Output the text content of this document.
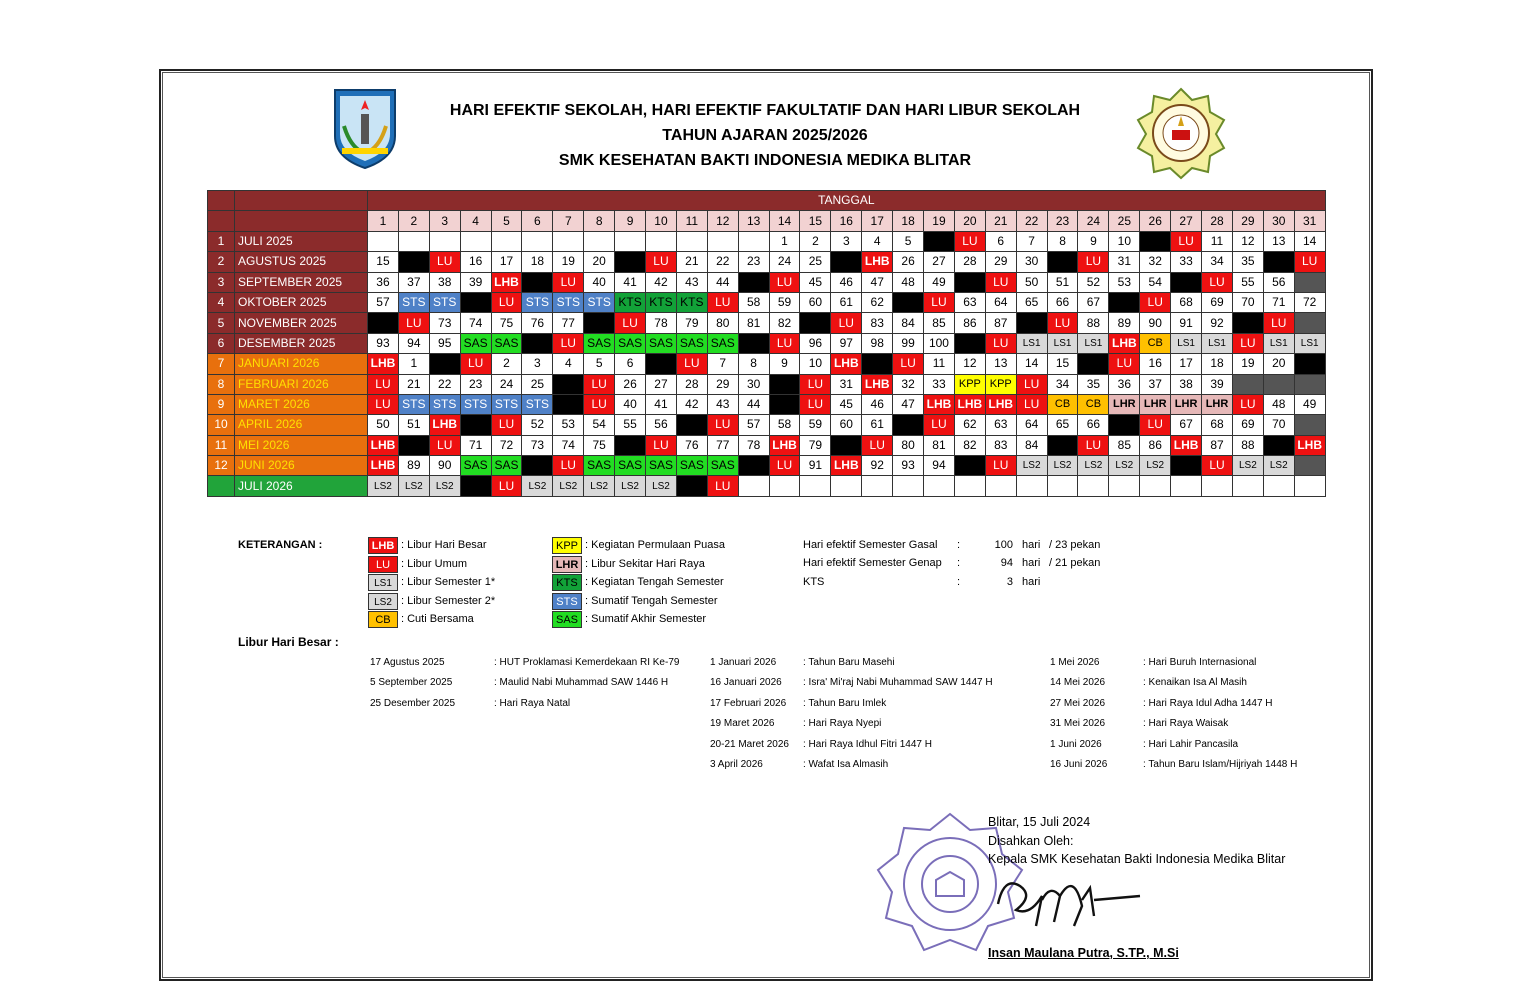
HARI EFEKTIF SEKOLAH, HARI EFEKTIF FAKULTATIF DAN HARI LIBUR SEKOLAH
TAHUN AJARAN 2025/2026
SMK KESEHATAN BAKTI INDONESIA MEDIKA BLITAR
		TANGGAL																														
		1	2	3	4	5	6	7	8	9	10	11	12	13	14	15	16	17	18	19	20	21	22	23	24	25	26	27	28	29	30	31
1	JULI 2025														1	2	3	4	5		LU	6	7	8	9	10		LU	11	12	13	14
2	AGUSTUS 2025	15		LU	16	17	18	19	20		LU	21	22	23	24	25		LHB	26	27	28	29	30		LU	31	32	33	34	35		LU
3	SEPTEMBER 2025	36	37	38	39	LHB		LU	40	41	42	43	44		LU	45	46	47	48	49		LU	50	51	52	53	54		LU	55	56	
4	OKTOBER 2025	57	STS	STS		LU	STS	STS	STS	KTS	KTS	KTS	LU	58	59	60	61	62		LU	63	64	65	66	67		LU	68	69	70	71	72
5	NOVEMBER 2025		LU	73	74	75	76	77		LU	78	79	80	81	82		LU	83	84	85	86	87		LU	88	89	90	91	92		LU	
6	DESEMBER 2025	93	94	95	SAS	SAS		LU	SAS	SAS	SAS	SAS	SAS		LU	96	97	98	99	100		LU	LS1	LS1	LS1	LHB	CB	LS1	LS1	LU	LS1	LS1
7	JANUARI 2026	LHB	1		LU	2	3	4	5	6		LU	7	8	9	10	LHB		LU	11	12	13	14	15		LU	16	17	18	19	20	
8	FEBRUARI 2026	LU	21	22	23	24	25		LU	26	27	28	29	30		LU	31	LHB	32	33	KPP	KPP	LU	34	35	36	37	38	39			
9	MARET 2026	LU	STS	STS	STS	STS	STS		LU	40	41	42	43	44		LU	45	46	47	LHB	LHB	LHB	LU	CB	CB	LHR	LHR	LHR	LHR	LU	48	49
10	APRIL 2026	50	51	LHB		LU	52	53	54	55	56		LU	57	58	59	60	61		LU	62	63	64	65	66		LU	67	68	69	70	
11	MEI 2026	LHB		LU	71	72	73	74	75		LU	76	77	78	LHB	79		LU	80	81	82	83	84		LU	85	86	LHB	87	88		LHB
12	JUNI 2026	LHB	89	90	SAS	SAS		LU	SAS	SAS	SAS	SAS	SAS		LU	91	LHB	92	93	94		LU	LS2	LS2	LS2	LS2	LS2		LU	LS2	LS2	
	JULI 2026	LS2	LS2	LS2		LU	LS2	LS2	LS2	LS2	LS2		LU																			
KETERANGAN :	LHB : Libur Hari Besar
LU : Libur Umum
LS1 : Libur Semester 1*
LS2 : Libur Semester 2*
CB : Cuti Bersama
KPP : Kegiatan Permulaan Puasa
LHR : Libur Sekitar Hari Raya
KTS : Kegiatan Tengah Semester
STS : Sumatif Tengah Semester
SAS : Sumatif Akhir Semester
Hari efektif Semester Gasal :	100 hari / 23 pekan
Hari efektif Semester Genap :	94 hari / 21 pekan
KTS	:	3 hari
Libur Hari Besar :
17 Agustus 2025	: HUT Proklamasi Kemerdekaan RI Ke-79
5 September 2025	: Maulid Nabi Muhammad SAW 1446 H
25 Desember 2025	: Hari Raya Natal
1 Januari 2026	: Tahun Baru Masehi
16 Januari 2026 : Isra' Mi'raj Nabi Muhammad SAW 1447 H
17 Februari 2026 : Tahun Baru Imlek
19 Maret 2026	: Hari Raya Nyepi
20-21 Maret 2026 : Hari Raya Idhul Fitri 1447 H
3 April 2026	: Wafat Isa Almasih
1 Mei 2026	: Hari Buruh Internasional
14 Mei 2026	: Kenaikan Isa Al Masih
27 Mei 2026	: Hari Raya Idul Adha 1447 H
31 Mei 2026	: Hari Raya Waisak
1 Juni 2026	: Hari Lahir Pancasila
16 Juni 2026	: Tahun Baru Islam/Hijriyah 1448 H
Blitar, 15 Juli 2024
Disahkan Oleh:
Kepala SMK Kesehatan Bakti Indonesia Medika Blitar
Insan Maulana Putra, S.TP., M.Si
